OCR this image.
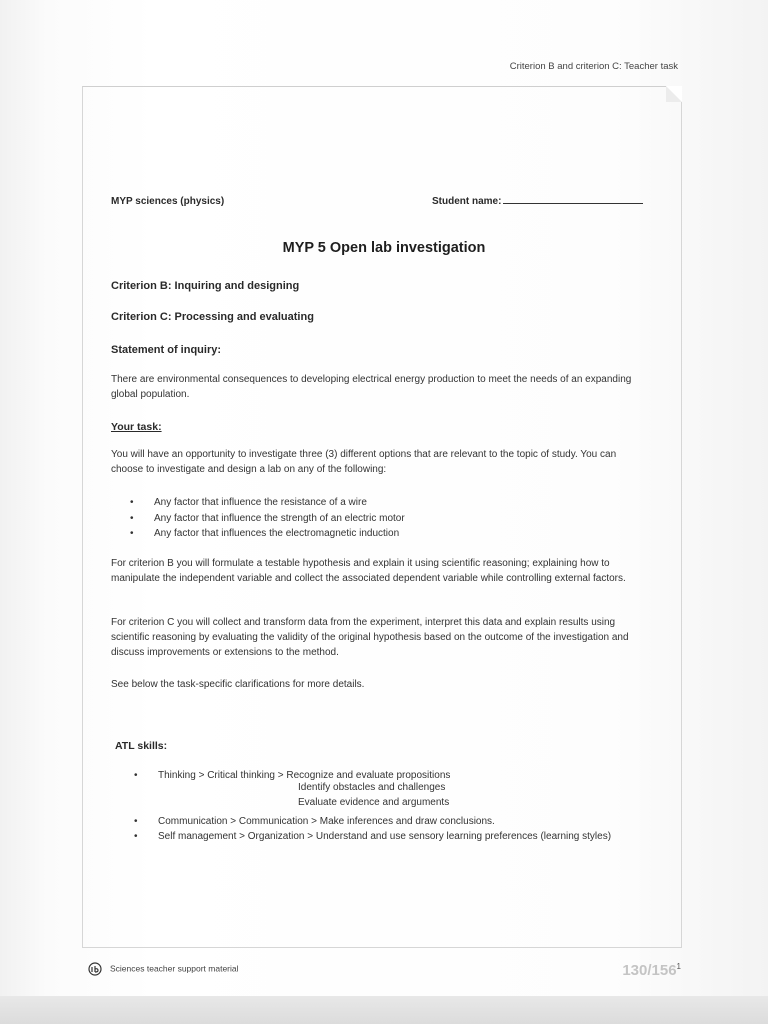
Criterion B and criterion C: Teacher task
MYP sciences (physics)	Student name:
MYP 5 Open lab investigation
Criterion B: Inquiring and designing
Criterion C: Processing and evaluating
Statement of inquiry:
There are environmental consequences to developing electrical energy production to meet the needs of an expanding global population.
Your task:
You will have an opportunity to investigate three (3) different options that are relevant to the topic of study. You can choose to investigate and design a lab on any of the following:
• Any factor that influence the resistance of a wire
• Any factor that influence the strength of an electric motor
• Any factor that influences the electromagnetic induction
For criterion B you will formulate a testable hypothesis and explain it using scientific reasoning; explaining how to manipulate the independent variable and collect the associated dependent variable while controlling external factors.
For criterion C you will collect and transform data from the experiment, interpret this data and explain results using scientific reasoning by evaluating the validity of the original hypothesis based on the outcome of the investigation and discuss improvements or extensions to the method.
See below the task-specific clarifications for more details.
ATL skills:
• Thinking > Critical thinking > Recognize and evaluate propositions
Identify obstacles and challenges
Evaluate evidence and arguments
• Communication > Communication > Make inferences and draw conclusions.
• Self management > Organization > Understand and use sensory learning preferences (learning styles)
Sciences teacher support material	$130/156^1$
